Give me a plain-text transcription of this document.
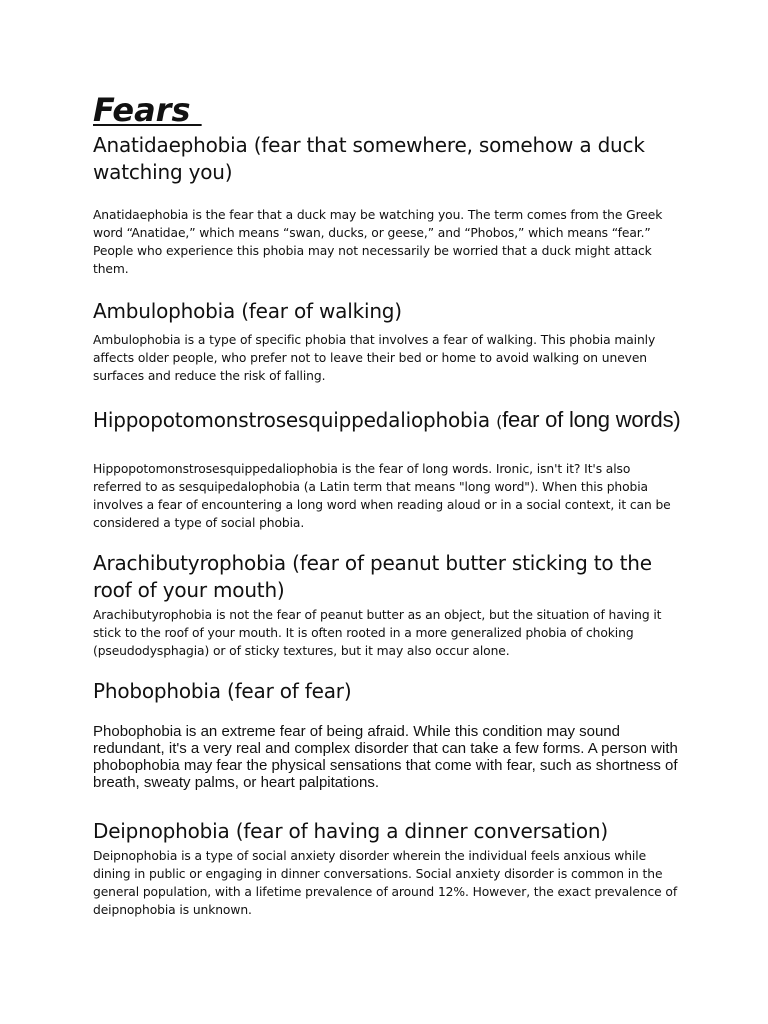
Fears
Anatidaephobia (fear that somewhere, somehow a duck watching you)

Anatidaephobia is the fear that a duck may be watching you. The term comes from the Greek word “Anatidae,” which means “swan, ducks, or geese,” and “Phobos,” which means “fear.” People who experience this phobia may not necessarily be worried that a duck might attack them.

Ambulophobia (fear of walking)

Ambulophobia is a type of specific phobia that involves a fear of walking. This phobia mainly affects older people, who prefer not to leave their bed or home to avoid walking on uneven surfaces and reduce the risk of falling.

Hippopotomonstrosesquippedaliophobia (fear of long words)

Hippopotomonstrosesquippedaliophobia is the fear of long words. Ironic, isn't it? It's also referred to as sesquipedalophobia (a Latin term that means "long word"). When this phobia involves a fear of encountering a long word when reading aloud or in a social context, it can be considered a type of social phobia.

Arachibutyrophobia (fear of peanut butter sticking to the roof of your mouth)

Arachibutyrophobia is not the fear of peanut butter as an object, but the situation of having it stick to the roof of your mouth. It is often rooted in a more generalized phobia of choking (pseudodysphagia) or of sticky textures, but it may also occur alone.

Phobophobia (fear of fear)

Phobophobia is an extreme fear of being afraid. While this condition may sound redundant, it's a very real and complex disorder that can take a few forms. A person with phobophobia may fear the physical sensations that come with fear, such as shortness of breath, sweaty palms, or heart palpitations.

Deipnophobia (fear of having a dinner conversation)

Deipnophobia is a type of social anxiety disorder wherein the individual feels anxious while dining in public or engaging in dinner conversations. Social anxiety disorder is common in the general population, with a lifetime prevalence of around 12%. However, the exact prevalence of deipnophobia is unknown.
